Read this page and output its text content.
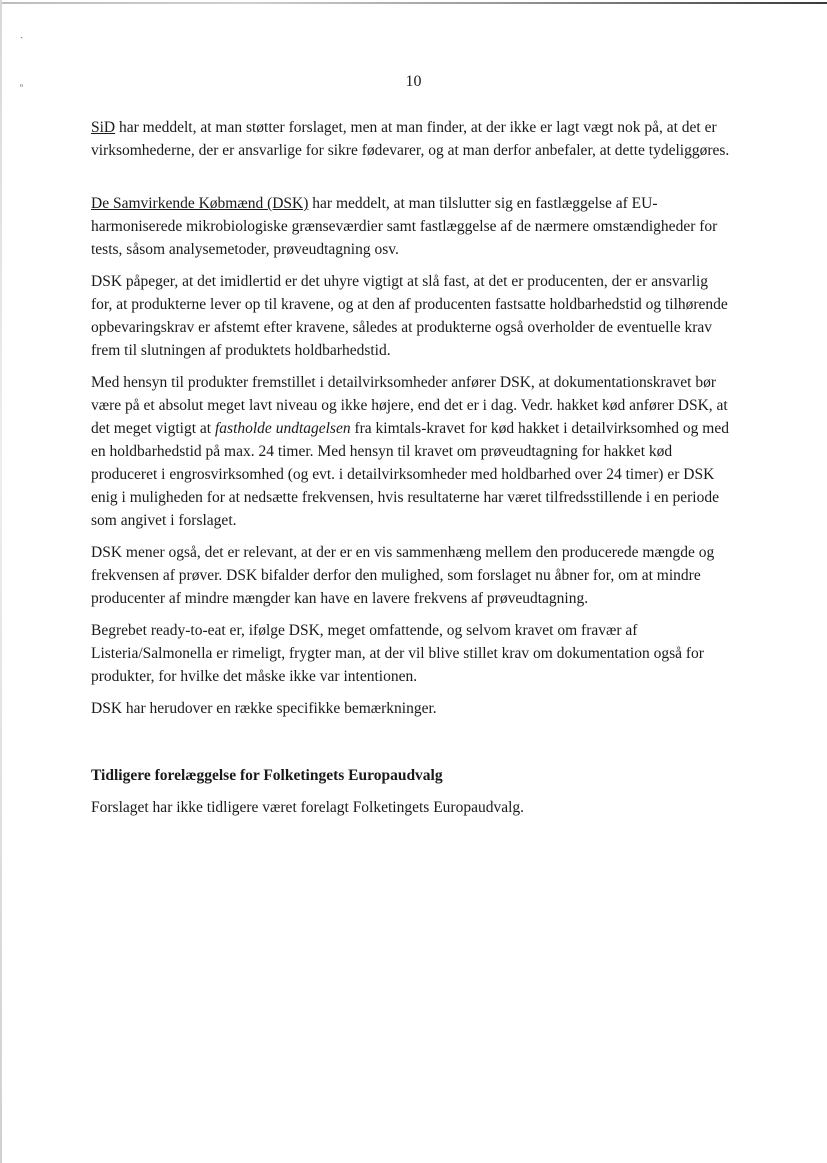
ˎ
ₒ	10

SiD har meddelt, at man støtter forslaget, men at man finder, at der ikke er lagt vægt nok på, at det er virksomhederne, der er ansvarlige for sikre fødevarer, og at man derfor anbefaler, at dette tydeliggøres.

De Samvirkende Købmænd (DSK) har meddelt, at man tilslutter sig en fastlæggelse af EU-harmoniserede mikrobiologiske grænseværdier samt fastlæggelse af de nærmere omstændigheder for tests, såsom analysemetoder, prøveudtagning osv.

DSK påpeger, at det imidlertid er det uhyre vigtigt at slå fast, at det er producenten, der er ansvarlig for, at produkterne lever op til kravene, og at den af producenten fastsatte holdbarhedstid og tilhørende opbevaringskrav er afstemt efter kravene, således at produkterne også overholder de eventuelle krav frem til slutningen af produktets holdbarhedstid.

Med hensyn til produkter fremstillet i detailvirksomheder anfører DSK, at dokumentationskravet bør være på et absolut meget lavt niveau og ikke højere, end det er i dag. Vedr. hakket kød anfører DSK, at det meget vigtigt at fastholde undtagelsen fra kimtals-kravet for kød hakket i detailvirksomhed og med en holdbarhedstid på max. 24 timer. Med hensyn til kravet om prøveudtagning for hakket kød produceret i engrosvirksomhed (og evt. i detailvirksomheder med holdbarhed over 24 timer) er DSK enig i muligheden for at nedsætte frekvensen, hvis resultaterne har været tilfredsstillende i en periode som angivet i forslaget.

DSK mener også, det er relevant, at der er en vis sammenhæng mellem den producerede mængde og frekvensen af prøver. DSK bifalder derfor den mulighed, som forslaget nu åbner for, om at mindre producenter af mindre mængder kan have en lavere frekvens af prøveudtagning.

Begrebet ready-to-eat er, ifølge DSK, meget omfattende, og selvom kravet om fravær af Listeria/Salmonella er rimeligt, frygter man, at der vil blive stillet krav om dokumentation også for produkter, for hvilke det måske ikke var intentionen.

DSK har herudover en række specifikke bemærkninger.

Tidligere forelæggelse for Folketingets Europaudvalg

Forslaget har ikke tidligere været forelagt Folketingets Europaudvalg.
